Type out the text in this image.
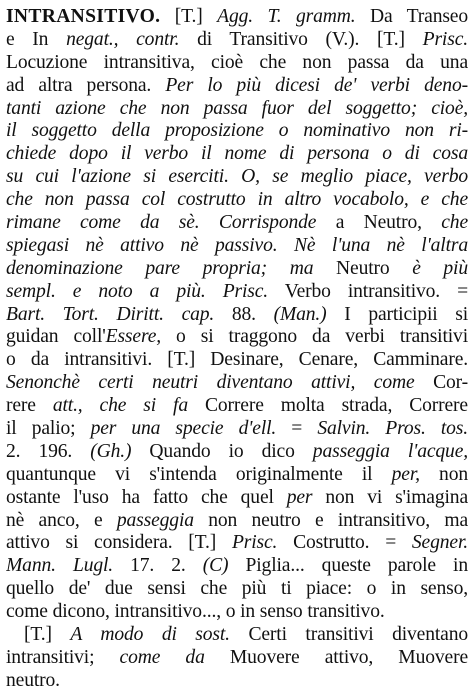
INTRANSITIVO. [T.] Agg. T. gramm. Da Transeo
e In negat., contr. di Transitivo (V.). [T.] Prisc.
Locuzione intransitiva, cioè che non passa da una
ad altra persona. Per lo più dicesi de' verbi deno-
tanti azione che non passa fuor del soggetto; cioè,
il soggetto della proposizione o nominativo non ri-
chiede dopo il verbo il nome di persona o di cosa
su cui l'azione si eserciti. O, se meglio piace, verbo
che non passa col costrutto in altro vocabolo, e che
rimane come da sè. Corrisponde a Neutro, che
spiegasi nè attivo nè passivo. Nè l'una nè l'altra
denominazione pare propria; ma Neutro è più
sempl. e noto a più. Prisc. Verbo intransitivo. =
Bart. Tort. Diritt. cap. 88. (Man.) I participii si
guidan coll'Essere, o si traggono da verbi transitivi
o da intransitivi. [T.] Desinare, Cenare, Camminare.
Senonchè certi neutri diventano attivi, come Cor-
rere att., che si fa Correre molta strada, Correre
il palio; per una specie d'ell. = Salvin. Pros. tos.
2. 196. (Gh.) Quando io dico passeggia l'acque,
quantunque vi s'intenda originalmente il per, non
ostante l'uso ha fatto che quel per non vi s'imagina
nè anco, e passeggia non neutro e intransitivo, ma
attivo si considera. [T.] Prisc. Costrutto. = Segner.
Mann. Lugl. 17. 2. (C) Piglia... queste parole in
quello de' due sensi che più ti piace: o in senso,
come dicono, intransitivo..., o in senso transitivo.
[T.] A modo di sost. Certi transitivi diventano
intransitivi; come da Muovere attivo, Muovere
neutro.
